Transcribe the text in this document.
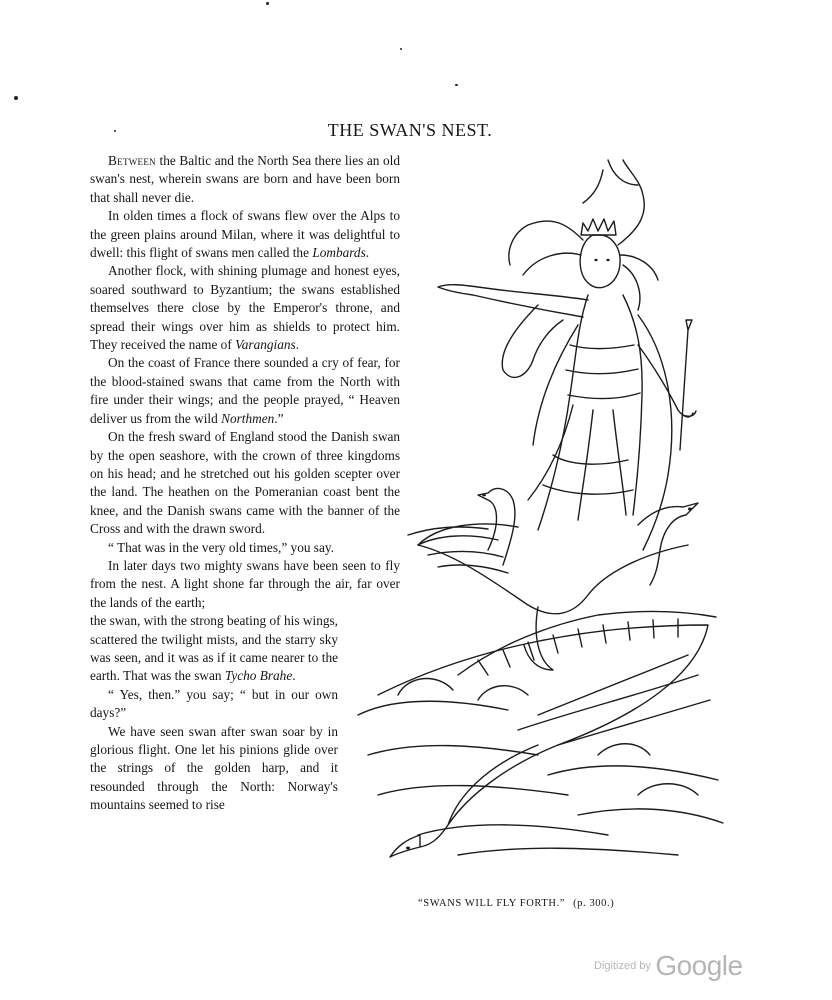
THE SWAN'S NEST.

Between the Baltic and the North Sea there lies an old swan's nest, wherein swans are born and have been born that shall never die.

In olden times a flock of swans flew over the Alps to the green plains around Milan, where it was delightful to dwell: this flight of swans men called the Lombards.

Another flock, with shining plumage and honest eyes, soared southward to Byzantium; the swans established themselves there close by the Emperor's throne, and spread their wings over him as shields to protect him. They received the name of Varangians.

On the coast of France there sounded a cry of fear, for the blood-stained swans that came from the North with fire under their wings; and the people prayed, “ Heaven deliver us from the wild Northmen.”

On the fresh sward of England stood the Danish swan by the open seashore, with the crown of three kingdoms on his head; and he stretched out his golden scepter over the land. The heathen on the Pomeranian coast bent the knee, and the Danish swans came with the banner of the Cross and with the drawn sword.

“ That was in the very old times,” you say.

In later days two mighty swans have been seen to fly from the nest. A light shone far through the air, far over the lands of the earth;

the swan, with the strong beating of his wings, scattered the twilight mists, and the starry sky was seen, and it was as if it came nearer to the earth. That was the swan Tycho Brahe.

“ Yes, then.” you say; “ but in our own days?”

We have seen swan after swan soar by in glorious flight. One let his pinions glide over the strings of the golden harp, and it resounded through the North: Norway's mountains seemed to rise

“SWANS WILL FLY FORTH.” (p. 300.)
Digitized by Google
